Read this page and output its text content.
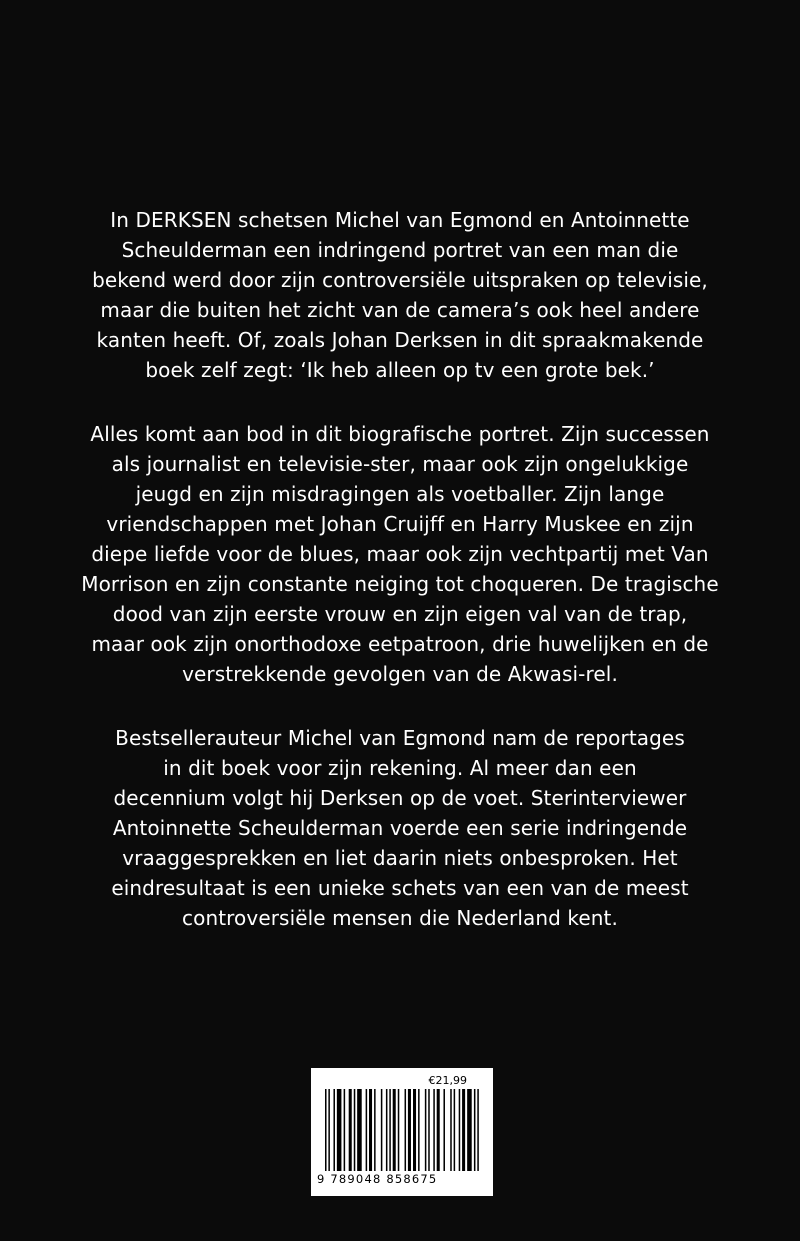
In DERKSEN schetsen Michel van Egmond en Antoinnette
Scheulderman een indringend portret van een man die
bekend werd door zijn controversiële uitspraken op televisie,
maar die buiten het zicht van de camera’s ook heel andere
kanten heeft. Of, zoals Johan Derksen in dit spraakmakende
boek zelf zegt: ‘Ik heb alleen op tv een grote bek.’

Alles komt aan bod in dit biografische portret. Zijn successen
als journalist en televisie-ster, maar ook zijn ongelukkige
jeugd en zijn misdragingen als voetballer. Zijn lange
vriendschappen met Johan Cruijff en Harry Muskee en zijn
diepe liefde voor de blues, maar ook zijn vechtpartij met Van
Morrison en zijn constante neiging tot choqueren. De tragische
dood van zijn eerste vrouw en zijn eigen val van de trap,
maar ook zijn onorthodoxe eetpatroon, drie huwelijken en de
verstrekkende gevolgen van de Akwasi-rel.

Bestsellerauteur Michel van Egmond nam de reportages
in dit boek voor zijn rekening. Al meer dan een
decennium volgt hij Derksen op de voet. Sterinterviewer
Antoinnette Scheulderman voerde een serie indringende
vraaggesprekken en liet daarin niets onbesproken. Het
eindresultaat is een unieke schets van een van de meest
controversiële mensen die Nederland kent.

€21,99
9 789048 858675
